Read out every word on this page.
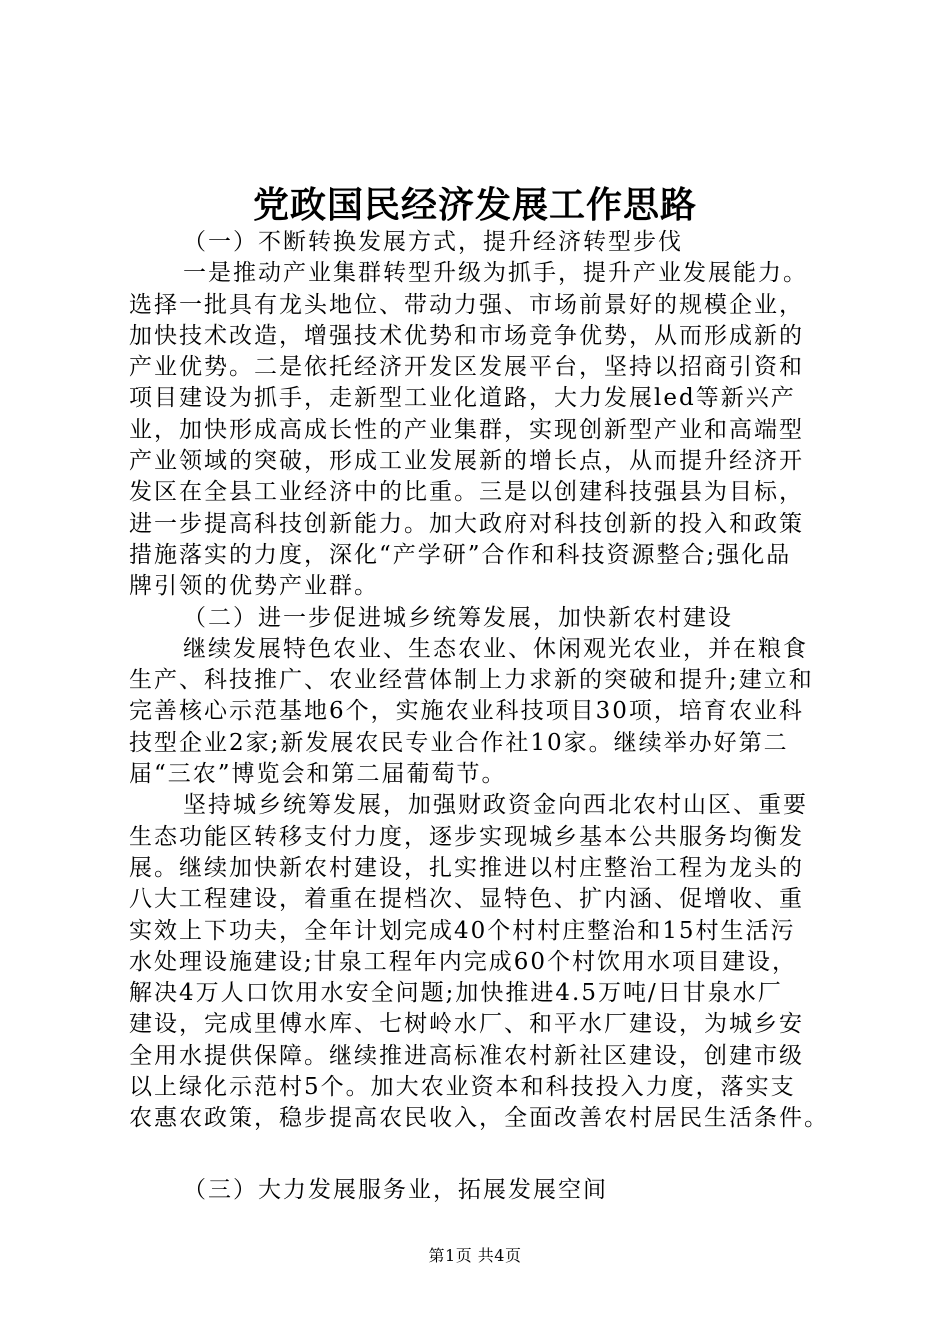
党政国民经济发展工作思路
（一）不断转换发展方式，提升经济转型步伐
一是推动产业集群转型升级为抓手，提升产业发展能力。
选择一批具有龙头地位、带动力强、市场前景好的规模企业，
加快技术改造，增强技术优势和市场竞争优势，从而形成新的
产业优势。二是依托经济开发区发展平台，坚持以招商引资和
项目建设为抓手，走新型工业化道路，大力发展led等新兴产
业，加快形成高成长性的产业集群，实现创新型产业和高端型
产业领域的突破，形成工业发展新的增长点，从而提升经济开
发区在全县工业经济中的比重。三是以创建科技强县为目标，
进一步提高科技创新能力。加大政府对科技创新的投入和政策
措施落实的力度，深化“产学研”合作和科技资源整合;强化品
牌引领的优势产业群。
（二）进一步促进城乡统筹发展，加快新农村建设
继续发展特色农业、生态农业、休闲观光农业，并在粮食
生产、科技推广、农业经营体制上力求新的突破和提升;建立和
完善核心示范基地6个，实施农业科技项目30项，培育农业科
技型企业2家;新发展农民专业合作社10家。继续举办好第二
届“三农”博览会和第二届葡萄节。
坚持城乡统筹发展，加强财政资金向西北农村山区、重要
生态功能区转移支付力度，逐步实现城乡基本公共服务均衡发
展。继续加快新农村建设，扎实推进以村庄整治工程为龙头的
八大工程建设，着重在提档次、显特色、扩内涵、促增收、重
实效上下功夫，全年计划完成40个村村庄整治和15村生活污
水处理设施建设;甘泉工程年内完成60个村饮用水项目建设，
解决4万人口饮用水安全问题;加快推进4.5万吨/日甘泉水厂
建设，完成里傅水库、七树岭水厂、和平水厂建设，为城乡安
全用水提供保障。继续推进高标准农村新社区建设，创建市级
以上绿化示范村5个。加大农业资本和科技投入力度，落实支
农惠农政策，稳步提高农民收入，全面改善农村居民生活条件。
（三）大力发展服务业，拓展发展空间
第1页 共4页
